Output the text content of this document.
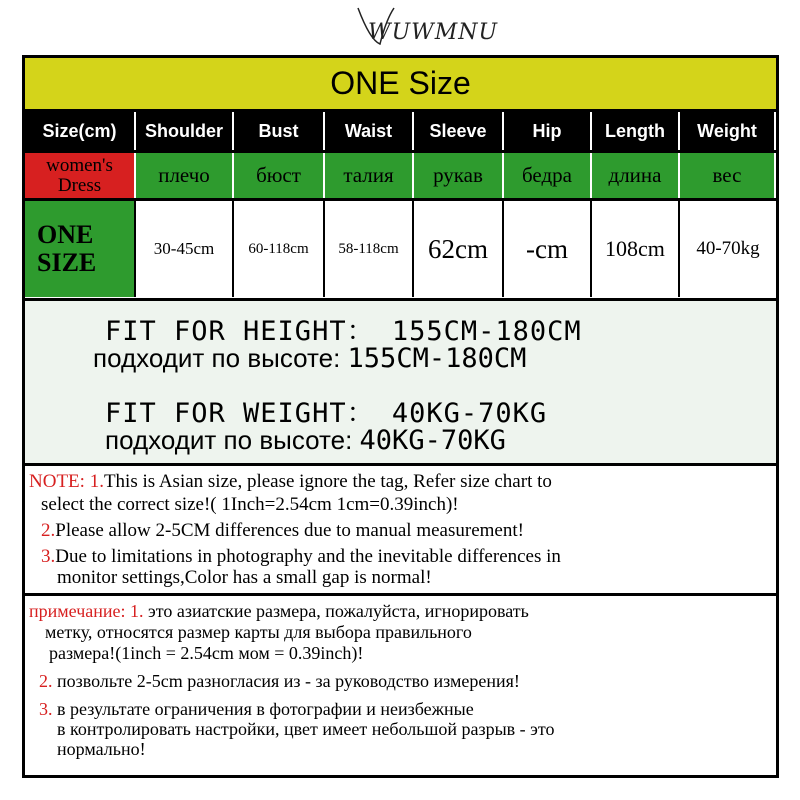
WUWMNU
ONE Size
Size(cm)	Shoulder	Bust	Waist	Sleeve	Hip	Length	Weight
women's Dress	плечо	бюст	талия	рукав	бедра	длина	вес
ONE SIZE	30-45cm	60-118cm	58-118cm	62cm	-cm	108cm	40-70kg
FIT FOR HEIGHT： 155CM-180CM
подходит по высоте: 155CM-180CM
FIT FOR WEIGHT： 40KG-70KG
подходит по высоте: 40KG-70KG
NOTE: 1.This is Asian size, please ignore the tag, Refer size chart to
select the correct size!( 1Inch=2.54cm 1cm=0.39inch)!
2.Please allow 2-5CM differences due to manual measurement!
3.Due to limitations in photography and the inevitable differences in
monitor settings,Color has a small gap is normal!
примечание: 1. это азиатские размера, пожалуйста, игнорировать
метку, относятся размер карты для выбора правильного
размера!(1inch = 2.54cm мом = 0.39inch)!
2. позвольте 2-5cm разногласия из - за руководство измерения!
3. в результате ограничения в фотографии и неизбежные
в контролировать настройки, цвет имеет небольшой разрыв - это
нормально!
